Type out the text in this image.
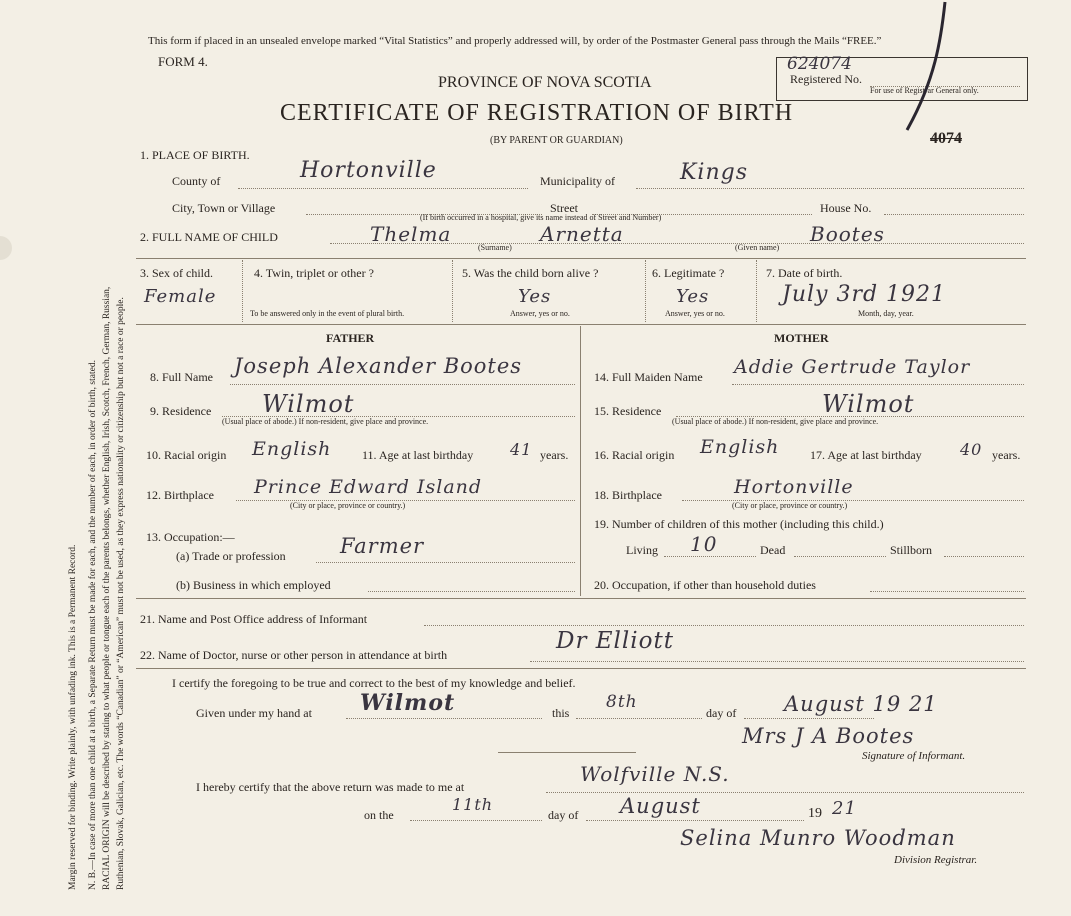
Margin reserved for binding. Write plainly, with unfading ink. This is a Permanent Record. N. B.—In case of more than one child at a birth, a Separate Return must be made for each, and the number of each, in order of birth, stated. RACIAL ORIGIN will be described by stating to what people or tongue each of the parents belongs, whether English, Irish, Scotch, French, German, Russian, Ruthenian, Slovak, Galician, etc. The words “Canadian” or “American” must not be used, as they express nationality or citizenship but not a race or people.
This form if placed in an unsealed envelope marked “Vital Statistics” and properly addressed will, by order of the Postmaster General pass through the Mails “FREE.”
FORM 4.
PROVINCE OF NOVA SCOTIA
CERTIFICATE OF REGISTRATION OF BIRTH
(BY PARENT OR GUARDIAN)
Registered No.
For use of Registrar General only.
624074
4074
1. PLACE OF BIRTH.
County of	Hortonville	Municipality of	Kings
City, Town or Village	Street	House No.
(If birth occurred in a hospital, give its name instead of Street and Number)
2. FULL NAME OF CHILD	Thelma	Arnetta	Bootes
(Surname)	(Given name)
3. Sex of child.
Female
4. Twin, triplet or other ?
To be answered only in the event of plural birth.
5. Was the child born alive ?
Yes
Answer, yes or no.
6. Legitimate ?
Yes
Answer, yes or no.
7. Date of birth.
July 3rd 1921
Month, day, year.
FATHER	MOTHER
8. Full Name Joseph Alexander Bootes
9. Residence Wilmot
(Usual place of abode.) If non-resident, give place and province.
10. Racial origin English	11. Age at last birthday 41 years.
12. Birthplace Prince Edward Island
(City or place, province or country.)
13. Occupation:—
(a) Trade or profession	Farmer
(b) Business in which employed
14. Full Maiden Name Addie Gertrude Taylor
15. Residence	Wilmot
(Usual place of abode.) If non-resident, give place and province.
16. Racial origin English	17. Age at last birthday 40 years.
18. Birthplace	Hortonville
(City or place, province or country.)
19. Number of children of this mother (including this child.)
Living 10	Dead	Stillborn
20. Occupation, if other than household duties
21. Name and Post Office address of Informant
22. Name of Doctor, nurse or other person in attendance at birth
Dr Elliott
I certify the foregoing to be true and correct to the best of my knowledge and belief.
Given under my hand at Wilmot	this
8th
day of August 19 21
Mrs J A Bootes
Signature of Informant.
I hereby certify that the above return was made to me at
Wolfville N.S.
on the
11th
day of August	19 21
Selina Munro Woodman
Division Registrar.
